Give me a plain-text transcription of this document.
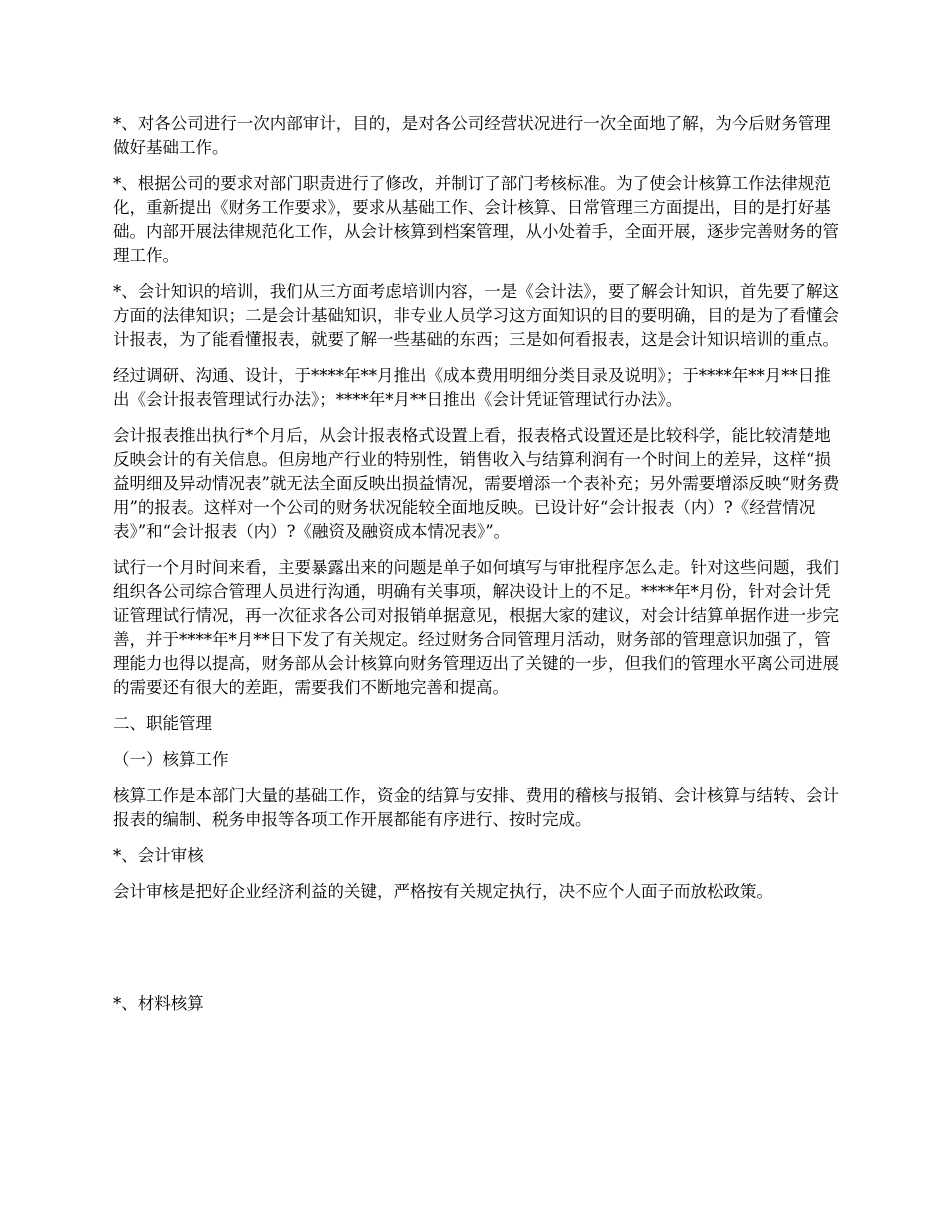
*、对各公司进行一次内部审计，目的，是对各公司经营状况进行一次全面地了解，为今后财务管理做好基础工作。

*、根据公司的要求对部门职责进行了修改，并制订了部门考核标准。为了使会计核算工作法律规范化，重新提出《财务工作要求》，要求从基础工作、会计核算、日常管理三方面提出，目的是打好基础。内部开展法律规范化工作，从会计核算到档案管理，从小处着手，全面开展，逐步完善财务的管理工作。

*、会计知识的培训，我们从三方面考虑培训内容，一是《会计法》，要了解会计知识，首先要了解这方面的法律知识；二是会计基础知识，非专业人员学习这方面知识的目的要明确，目的是为了看懂会计报表，为了能看懂报表，就要了解一些基础的东西；三是如何看报表，这是会计知识培训的重点。

经过调研、沟通、设计，于****年**月推出《成本费用明细分类目录及说明》；于****年**月**日推出《会计报表管理试行办法》；****年*月**日推出《会计凭证管理试行办法》。

会计报表推出执行*个月后，从会计报表格式设置上看，报表格式设置还是比较科学，能比较清楚地反映会计的有关信息。但房地产行业的特别性，销售收入与结算利润有一个时间上的差异，这样“损益明细及异动情况表”就无法全面反映出损益情况，需要增添一个表补充；另外需要增添反映“财务费用”的报表。这样对一个公司的财务状况能较全面地反映。已设计好“会计报表（内）?《经营情况表》”和“会计报表（内）?《融资及融资成本情况表》”。

试行一个月时间来看，主要暴露出来的问题是单子如何填写与审批程序怎么走。针对这些问题，我们组织各公司综合管理人员进行沟通，明确有关事项，解决设计上的不足。****年*月份，针对会计凭证管理试行情况，再一次征求各公司对报销单据意见，根据大家的建议，对会计结算单据作进一步完善，并于****年*月**日下发了有关规定。经过财务合同管理月活动，财务部的管理意识加强了，管理能力也得以提高，财务部从会计核算向财务管理迈出了关键的一步，但我们的管理水平离公司进展的需要还有很大的差距，需要我们不断地完善和提高。

二、职能管理

（一）核算工作

核算工作是本部门大量的基础工作，资金的结算与安排、费用的稽核与报销、会计核算与结转、会计报表的编制、税务申报等各项工作开展都能有序进行、按时完成。

*、会计审核

会计审核是把好企业经济利益的关键，严格按有关规定执行，决不应个人面子而放松政策。

*、材料核算
